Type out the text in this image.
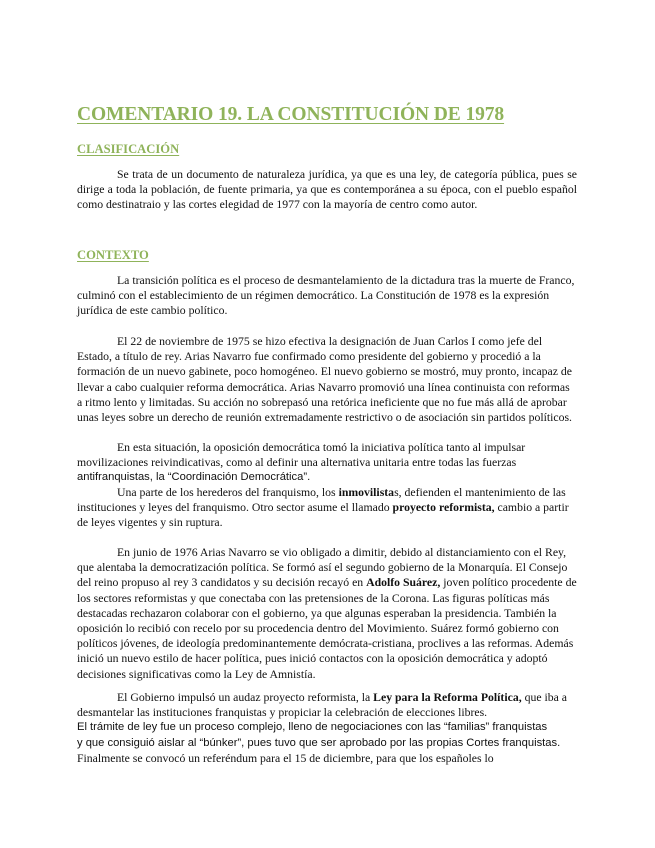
COMENTARIO 19. LA CONSTITUCIÓN DE 1978
CLASIFICACIÓN

Se trata de un documento de naturaleza jurídica, ya que es una ley, de categoría pública, pues se dirige a toda la población, de fuente primaria, ya que es contemporánea a su época, con el pueblo español como destinatraio y las cortes elegidad de 1977 con la mayoría de centro como autor.

CONTEXTO

La transición política es el proceso de desmantelamiento de la dictadura tras la muerte de Franco, culminó con el establecimiento de un régimen democrático. La Constitución de 1978 es la expresión jurídica de este cambio político.

El 22 de noviembre de 1975 se hizo efectiva la designación de Juan Carlos I como jefe del Estado, a título de rey. Arias Navarro fue confirmado como presidente del gobierno y procedió a la formación de un nuevo gabinete, poco homogéneo. El nuevo gobierno se mostró, muy pronto, incapaz de llevar a cabo cualquier reforma democrática. Arias Navarro promovió una línea continuista con reformas a ritmo lento y limitadas. Su acción no sobrepasó una retórica ineficiente que no fue más allá de aprobar unas leyes sobre un derecho de reunión extremadamente restrictivo o de asociación sin partidos políticos.

En esta situación, la oposición democrática tomó la iniciativa política tanto al impulsar
movilizaciones reivindicativas, como al definir una alternativa unitaria entre todas las fuerzas
antifranquistas, la “Coordinación Democrática”.

Una parte de los herederos del franquismo, los inmovilistas, defienden el mantenimiento de las instituciones y leyes del franquismo. Otro sector asume el llamado proyecto reformista, cambio a partir de leyes vigentes y sin ruptura.

En junio de 1976 Arias Navarro se vio obligado a dimitir, debido al distanciamiento con el Rey, que alentaba la democratización política. Se formó así el segundo gobierno de la Monarquía. El Consejo del reino propuso al rey 3 candidatos y su decisión recayó en Adolfo Suárez, joven político procedente de los sectores reformistas y que conectaba con las pretensiones de la Corona. Las figuras políticas más destacadas rechazaron colaborar con el gobierno, ya que algunas esperaban la presidencia. También la oposición lo recibió con recelo por su procedencia dentro del Movimiento. Suárez formó gobierno con políticos jóvenes, de ideología predominantemente demócrata-cristiana, proclives a las reformas. Además inició un nuevo estilo de hacer política, pues inició contactos con la oposición democrática y adoptó decisiones significativas como la Ley de Amnistía.

El Gobierno impulsó un audaz proyecto reformista, la Ley para la Reforma Política, que iba a desmantelar las instituciones franquistas y propiciar la celebración de elecciones libres.

El trámite de ley fue un proceso complejo, lleno de negociaciones con las “familias” franquistas
y que consiguió aislar al “búnker”, pues tuvo que ser aprobado por las propias Cortes franquistas.
Finalmente se convocó un referéndum para el 15 de diciembre, para que los españoles lo
